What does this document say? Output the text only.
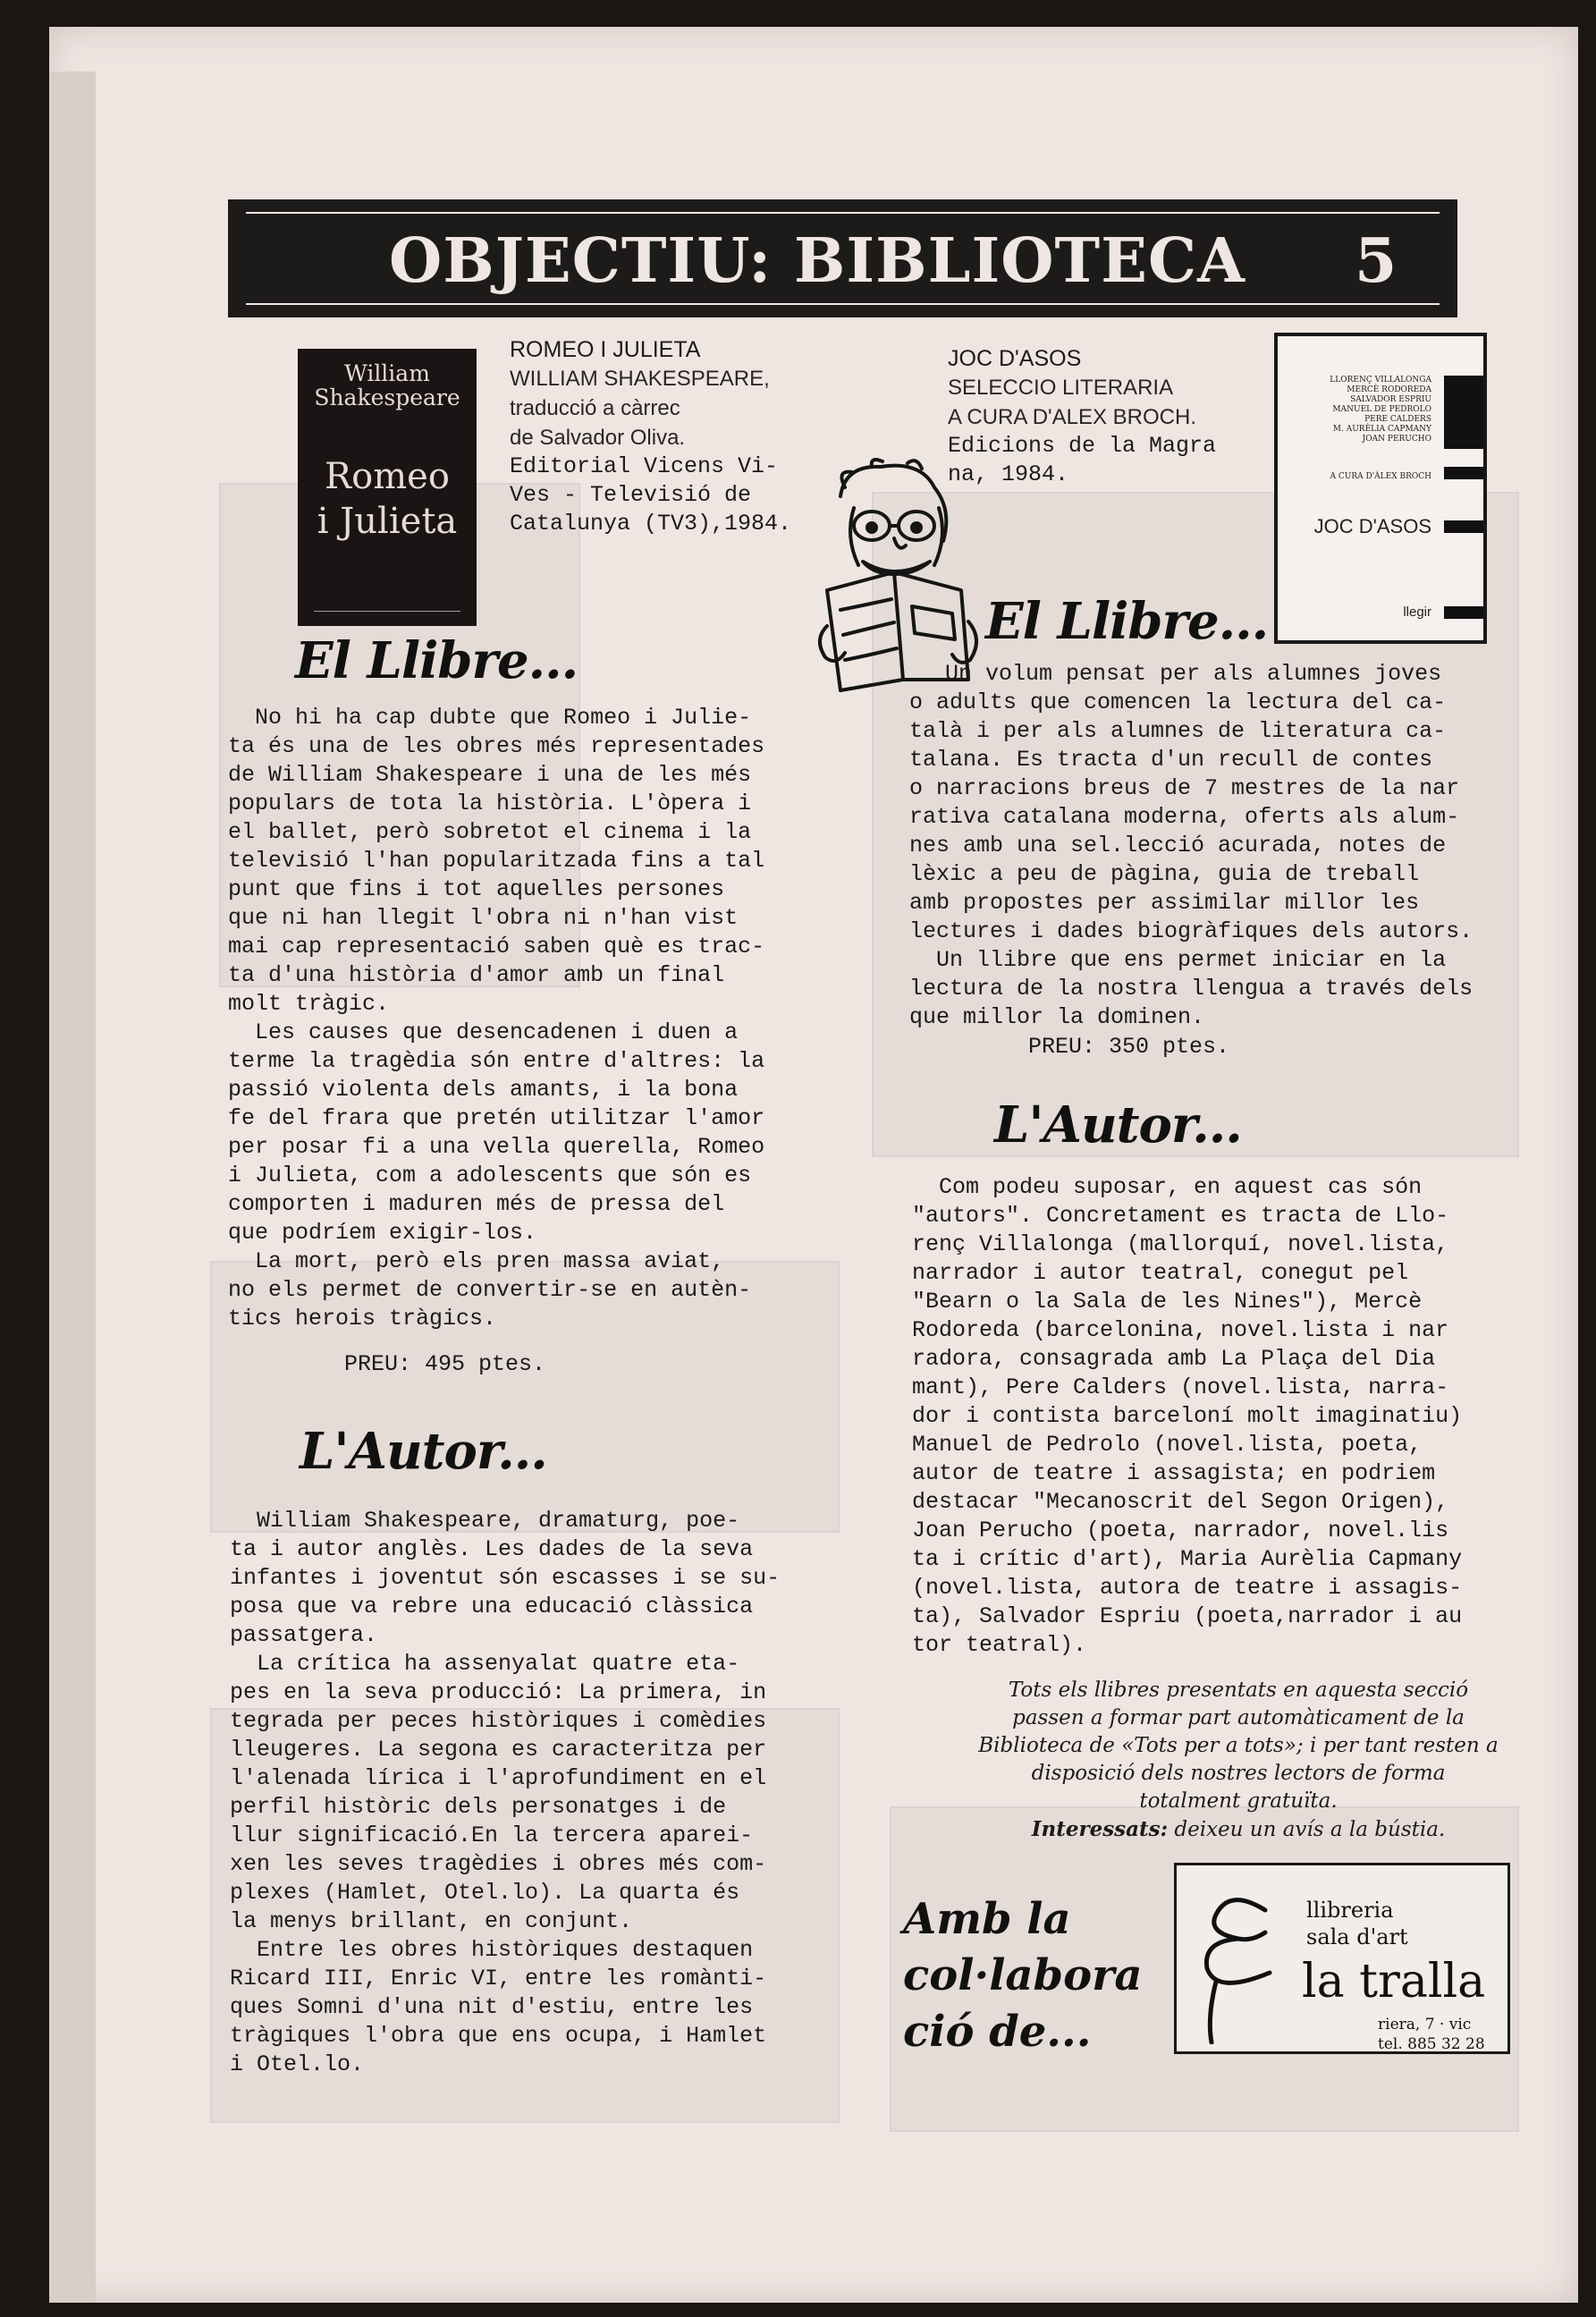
OBJECTIU: BIBLIOTECA 5
William
Shakespeare
Romeo
i Julieta
ROMEO I JULIETA
WILLIAM SHAKESPEARE,
traducció a càrrec
de Salvador Oliva.
Editorial Vicens Vi-
Ves - Televisió de
Catalunya (TV3),1984.
El Llibre...
No hi ha cap dubte que Romeo i Julie-
ta és una de les obres més representades
de William Shakespeare i una de les més
populars de tota la història. L'òpera i
el ballet, però sobretot el cinema i la
televisió l'han popularitzada fins a tal
punt que fins i tot aquelles persones
que ni han llegit l'obra ni n'han vist
mai cap representació saben què es trac-
ta d'una història d'amor amb un final
molt tràgic.
Les causes que desencadenen i duen a
terme la tragèdia són entre d'altres: la
passió violenta dels amants, i la bona
fe del frara que pretén utilitzar l'amor
per posar fi a una vella querella, Romeo
i Julieta, com a adolescents que són es
comporten i maduren més de pressa del
que podríem exigir-los.
La mort, però els pren massa aviat,
no els permet de convertir-se en autèn-
tics herois tràgics.
PREU: 495 ptes.
L'Autor...
William Shakespeare, dramaturg, poe-
ta i autor anglès. Les dades de la seva
infantes i joventut són escasses i se su-
posa que va rebre una educació clàssica
passatgera.
La crítica ha assenyalat quatre eta-
pes en la seva producció: La primera, in
tegrada per peces històriques i comèdies
lleugeres. La segona es caracteritza per
l'alenada lírica i l'aprofundiment en el
perfil històric dels personatges i de
llur significació.En la tercera aparei-
xen les seves tragèdies i obres més com-
plexes (Hamlet, Otel.lo). La quarta és
la menys brillant, en conjunt.
Entre les obres històriques destaquen
Ricard III, Enric VI, entre les romànti-
ques Somni d'una nit d'estiu, entre les
tràgiques l'obra que ens ocupa, i Hamlet
i Otel.lo.
JOC D'ASOS
SELECCIO LITERARIA
A CURA D'ALEX BROCH.
Edicions de la Magra
na, 1984.
LLORENÇ VILLALONGA
MERCÈ RODOREDA
SALVADOR ESPRIU
MANUEL DE PEDROLO
PERE CALDERS
M. AURÈLIA CAPMANY
JOAN PERUCHO
A CURA D'ÀLEX BROCH
JOC D'ASOS
llegir
El Llibre...
Un volum pensat per als alumnes joves
o adults que comencen la lectura del ca-
talà i per als alumnes de literatura ca-
talana. Es tracta d'un recull de contes
o narracions breus de 7 mestres de la nar
rativa catalana moderna, oferts als alum-
nes amb una sel.lecció acurada, notes de
lèxic a peu de pàgina, guia de treball
amb propostes per assimilar millor les
lectures i dades biogràfiques dels autors.
Un llibre que ens permet iniciar en la
lectura de la nostra llengua a través dels
que millor la dominen.
PREU: 350 ptes.
L'Autor...
Com podeu suposar, en aquest cas són
"autors". Concretament es tracta de Llo-
renç Villalonga (mallorquí, novel.lista,
narrador i autor teatral, conegut pel
"Bearn o la Sala de les Nines"), Mercè
Rodoreda (barcelonina, novel.lista i nar
radora, consagrada amb La Plaça del Dia
mant), Pere Calders (novel.lista, narra-
dor i contista barceloní molt imaginatiu)
Manuel de Pedrolo (novel.lista, poeta,
autor de teatre i assagista; en podriem
destacar "Mecanoscrit del Segon Origen),
Joan Perucho (poeta, narrador, novel.lis
ta i crític d'art), Maria Aurèlia Capmany
(novel.lista, autora de teatre i assagis-
ta), Salvador Espriu (poeta,narrador i au
tor teatral).
Tots els llibres presentats en aquesta secció
passen a formar part automàticament de la
Biblioteca de «Tots per a tots»; i per tant resten a
disposició dels nostres lectors de forma
totalment gratuïta.
Interessats: deixeu un avís a la bústia.
Amb la
col·labora
ció de...
llibreria
sala d'art
la tralla
riera, 7 · vic
tel. 885 32 28
